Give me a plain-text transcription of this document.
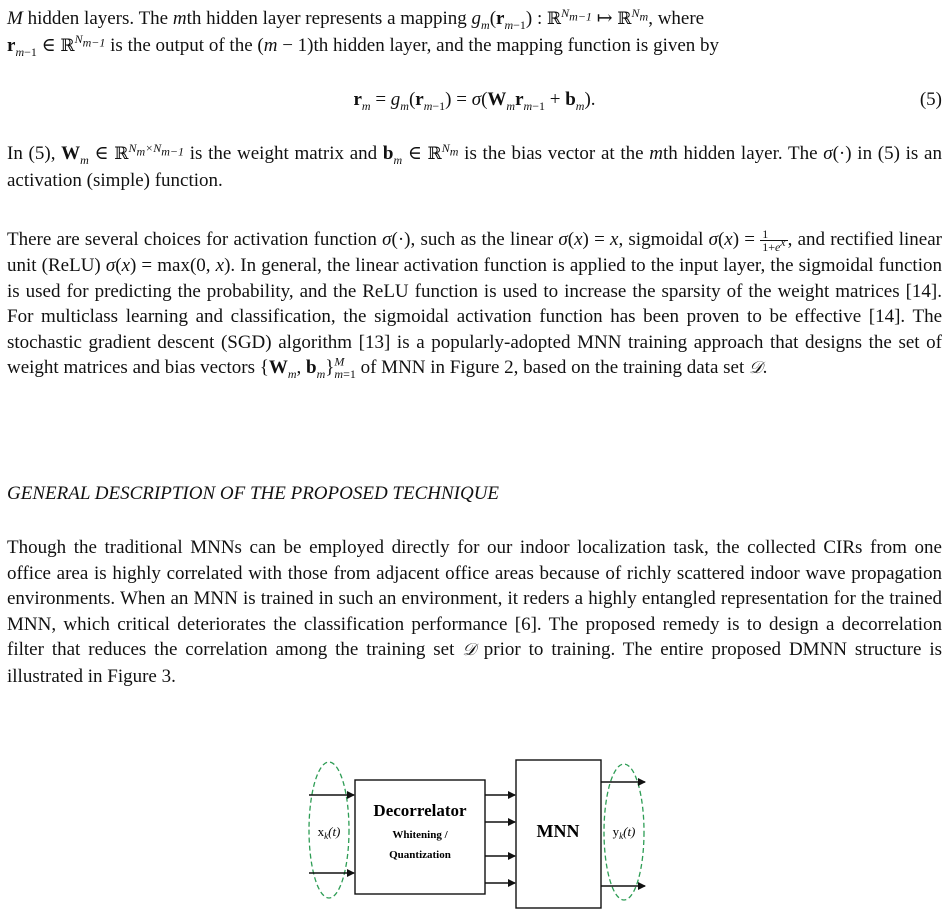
M hidden layers. The mth hidden layer represents a mapping $g_m(r_{m-1})$ : ℝ$^{N_{m-1}}$ ↦ ℝ$^{N_m}$, where
$r_{m-1}$ ∈ ℝ$^{N_{m-1}}$ is the output of the (m − 1)th hidden layer, and the mapping function is given by

$r_m = g_m(r_{m-1}) = \sigma(W_mr_{m-1} + b_m)$.	(5)

In (5), $W_m$ ∈ ℝ$^{N_m\times N_{m-1}}$ is the weight matrix and $b_m$ ∈ ℝ$^{N_m}$ is the bias vector at the mth hidden layer. The σ(·) in (5) is an activation (simple) function.

There are several choices for activation function σ(·), such as the linear σ(x) = x, sigmoidal $\sigma(x) = \frac{1}{1+e^x}$ , and rectified linear unit (ReLU) σ(x) = max(0, x). In general, the linear activation function is applied to the input layer, the sigmoidal function is used for predicting the probability, and the ReLU function is used to increase the sparsity of the weight matrices [14]. For multiclass learning and classification, the sigmoidal activation function has been proven to be effective [14]. The stochastic gradient descent (SGD) algorithm [13] is a popularly-adopted MNN training approach that designs the set of weight matrices and bias vectors {$W_m$, $b_m\}^M_{m=1}$ of MNN in Figure 2, based on the training data set 𝒟.

GENERAL DESCRIPTION OF THE PROPOSED TECHNIQUE

Though the traditional MNNs can be employed directly for our indoor localization task, the collected CIRs from one office area is highly correlated with those from adjacent office areas because of richly scattered indoor wave propagation environments. When an MNN is trained in such an environment, it reders a highly entangled representation for the trained MNN, which critical deteriorates the classification performance [6]. The proposed remedy is to design a decorrelation filter that reduces the correlation among the training set 𝒟 prior to training. The entire proposed DMNN structure is illustrated in Figure 3.

Decorrelator
Whitening /
Quantization
MNN
$x_k(t)$	$y_k(t)$
